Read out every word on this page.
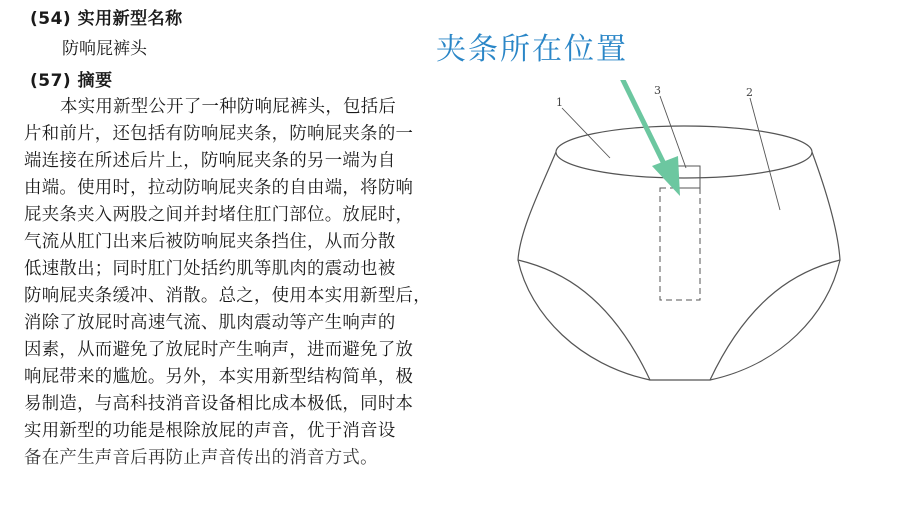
(54) 实用新型名称
防响屁裤头
(57) 摘要
本实用新型公开了一种防响屁裤头，包括后
片和前片，还包括有防响屁夹条，防响屁夹条的一
端连接在所述后片上，防响屁夹条的另一端为自
由端。使用时，拉动防响屁夹条的自由端，将防响
屁夹条夹入两股之间并封堵住肛门部位。放屁时，
气流从肛门出来后被防响屁夹条挡住，从而分散
低速散出；同时肛门处括约肌等肌肉的震动也被
防响屁夹条缓冲、消散。总之，使用本实用新型后，
消除了放屁时高速气流、肌肉震动等产生响声的
因素，从而避免了放屁时产生响声，进而避免了放
响屁带来的尴尬。另外，本实用新型结构简单，极
易制造，与高科技消音设备相比成本极低，同时本
实用新型的功能是根除放屁的声音，优于消音设
备在产生声音后再防止声音传出的消音方式。
夹条所在位置
1
3	2
